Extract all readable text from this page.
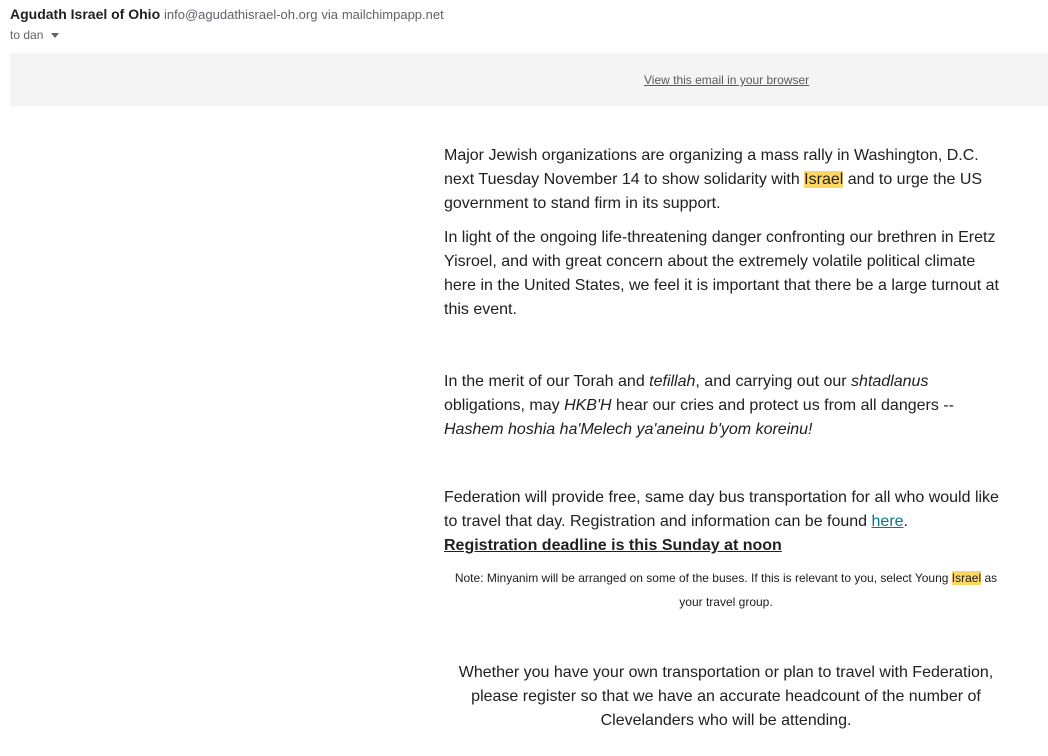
Agudath Israel of Ohio info@agudathisrael-oh.org via mailchimpapp.net
to dan
View this email in your browser

Major Jewish organizations are organizing a mass rally in Washington, D.C. next Tuesday November 14 to show solidarity with Israel and to urge the US government to stand firm in its support.

In light of the ongoing life-threatening danger confronting our brethren in Eretz Yisroel, and with great concern about the extremely volatile political climate here in the United States, we feel it is important that there be a large turnout at this event.

In the merit of our Torah and tefillah, and carrying out our shtadlanus obligations, may HKB'H hear our cries and protect us from all dangers -- Hashem hoshia ha'Melech ya'aneinu b'yom koreinu!

Federation will provide free, same day bus transportation for all who would like to travel that day. Registration and information can be found here.
Registration deadline is this Sunday at noon

Note: Minyanim will be arranged on some of the buses. If this is relevant to you, select Young Israel as your travel group.
Whether you have your own transportation or plan to travel with Federation, please register so that we have an accurate headcount of the number of Clevelanders who will be attending.
